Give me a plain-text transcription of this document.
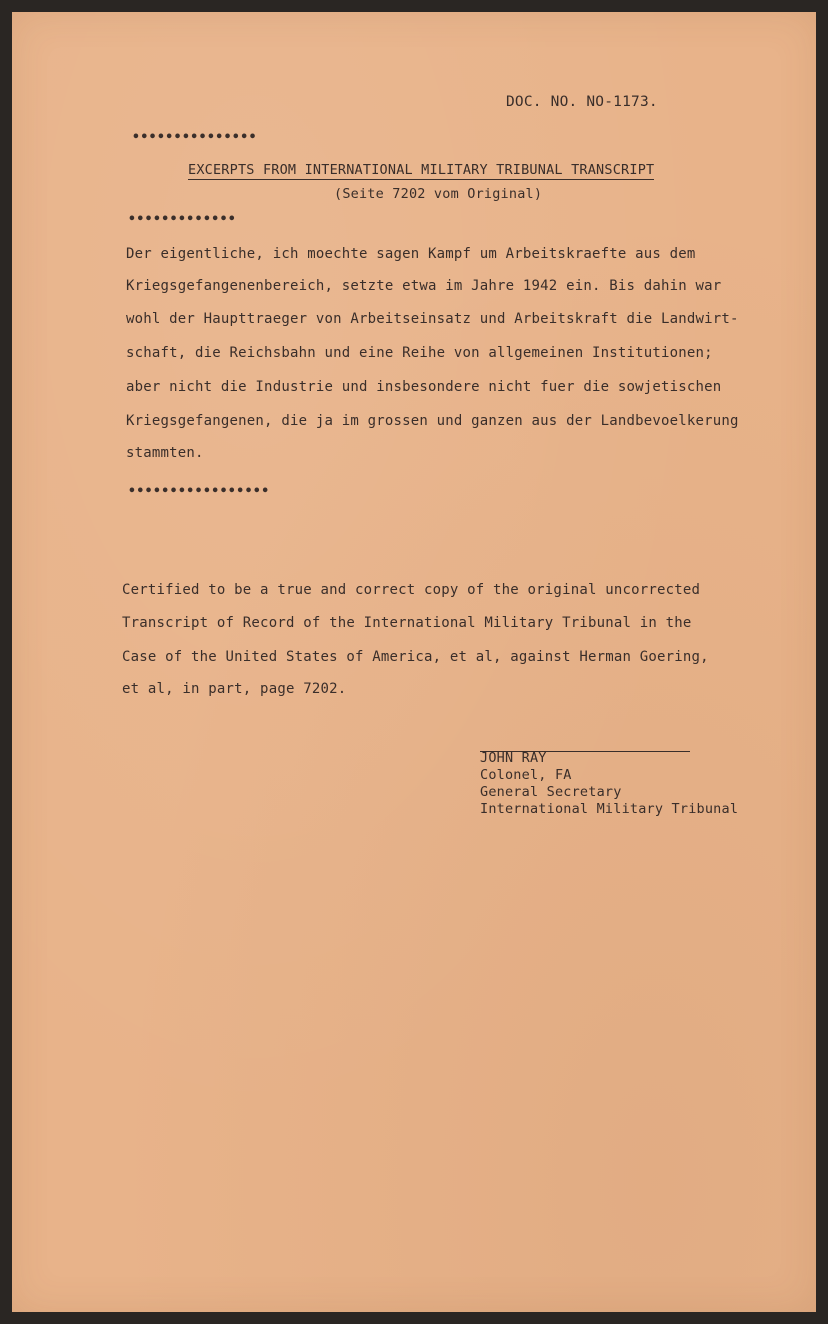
DOC. NO. NO-1173.
•••••••••••••••
EXCERPTS FROM INTERNATIONAL MILITARY TRIBUNAL TRANSCRIPT
(Seite 7202 vom Original)
•••••••••••••
Der eigentliche, ich moechte sagen Kampf um Arbeitskraefte aus dem
Kriegsgefangenenbereich, setzte etwa im Jahre 1942 ein. Bis dahin war
wohl der Haupttraeger von Arbeitseinsatz und Arbeitskraft die Landwirt-
schaft, die Reichsbahn und eine Reihe von allgemeinen Institutionen;
aber nicht die Industrie und insbesondere nicht fuer die sowjetischen
Kriegsgefangenen, die ja im grossen und ganzen aus der Landbevoelkerung
stammten.
•••••••••••••••••
Certified to be a true and correct copy of the original uncorrected
Transcript of Record of the International Military Tribunal in the
Case of the United States of America, et al, against Herman Goering,
et al, in part, page 7202.
JOHN RAY
Colonel, FA
General Secretary
International Military Tribunal
